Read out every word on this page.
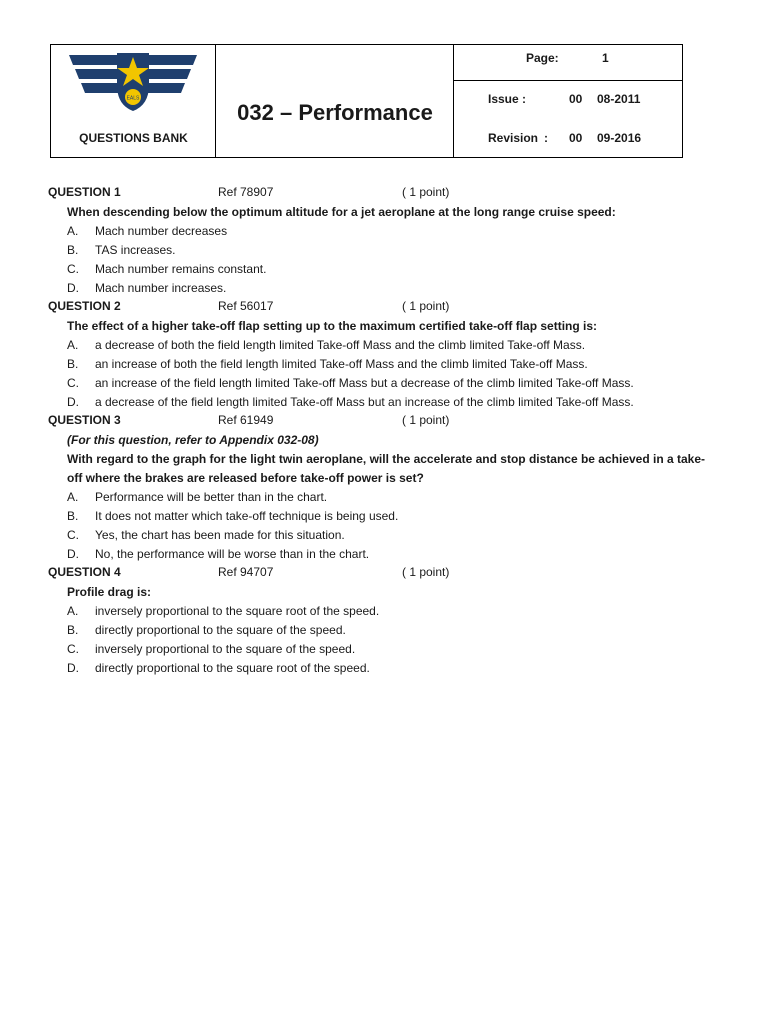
EALS
QUESTIONS BANK
032 – Performance
Page:	1
Issue :	00 08-2011
Revision : 00 09-2016
QUESTION 1	Ref 78907	( 1 point)
When descending below the optimum altitude for a jet aeroplane at the long range cruise speed:
A. Mach number decreases
B. TAS increases.
C. Mach number remains constant.
D. Mach number increases.
QUESTION 2	Ref 56017	( 1 point)
The effect of a higher take-off flap setting up to the maximum certified take-off flap setting is:
A. a decrease of both the field length limited Take-off Mass and the climb limited Take-off Mass.
B. an increase of both the field length limited Take-off Mass and the climb limited Take-off Mass.
C. an increase of the field length limited Take-off Mass but a decrease of the climb limited Take-off Mass.
D. a decrease of the field length limited Take-off Mass but an increase of the climb limited Take-off Mass.
QUESTION 3	Ref 61949	( 1 point)
(For this question, refer to Appendix 032-08)
With regard to the graph for the light twin aeroplane, will the accelerate and stop distance be achieved in a take-off where the brakes are released before take-off power is set?
A. Performance will be better than in the chart.
B. It does not matter which take-off technique is being used.
C. Yes, the chart has been made for this situation.
D. No, the performance will be worse than in the chart.
QUESTION 4	Ref 94707	( 1 point)
Profile drag is:
A. inversely proportional to the square root of the speed.
B. directly proportional to the square of the speed.
C. inversely proportional to the square of the speed.
D. directly proportional to the square root of the speed.
